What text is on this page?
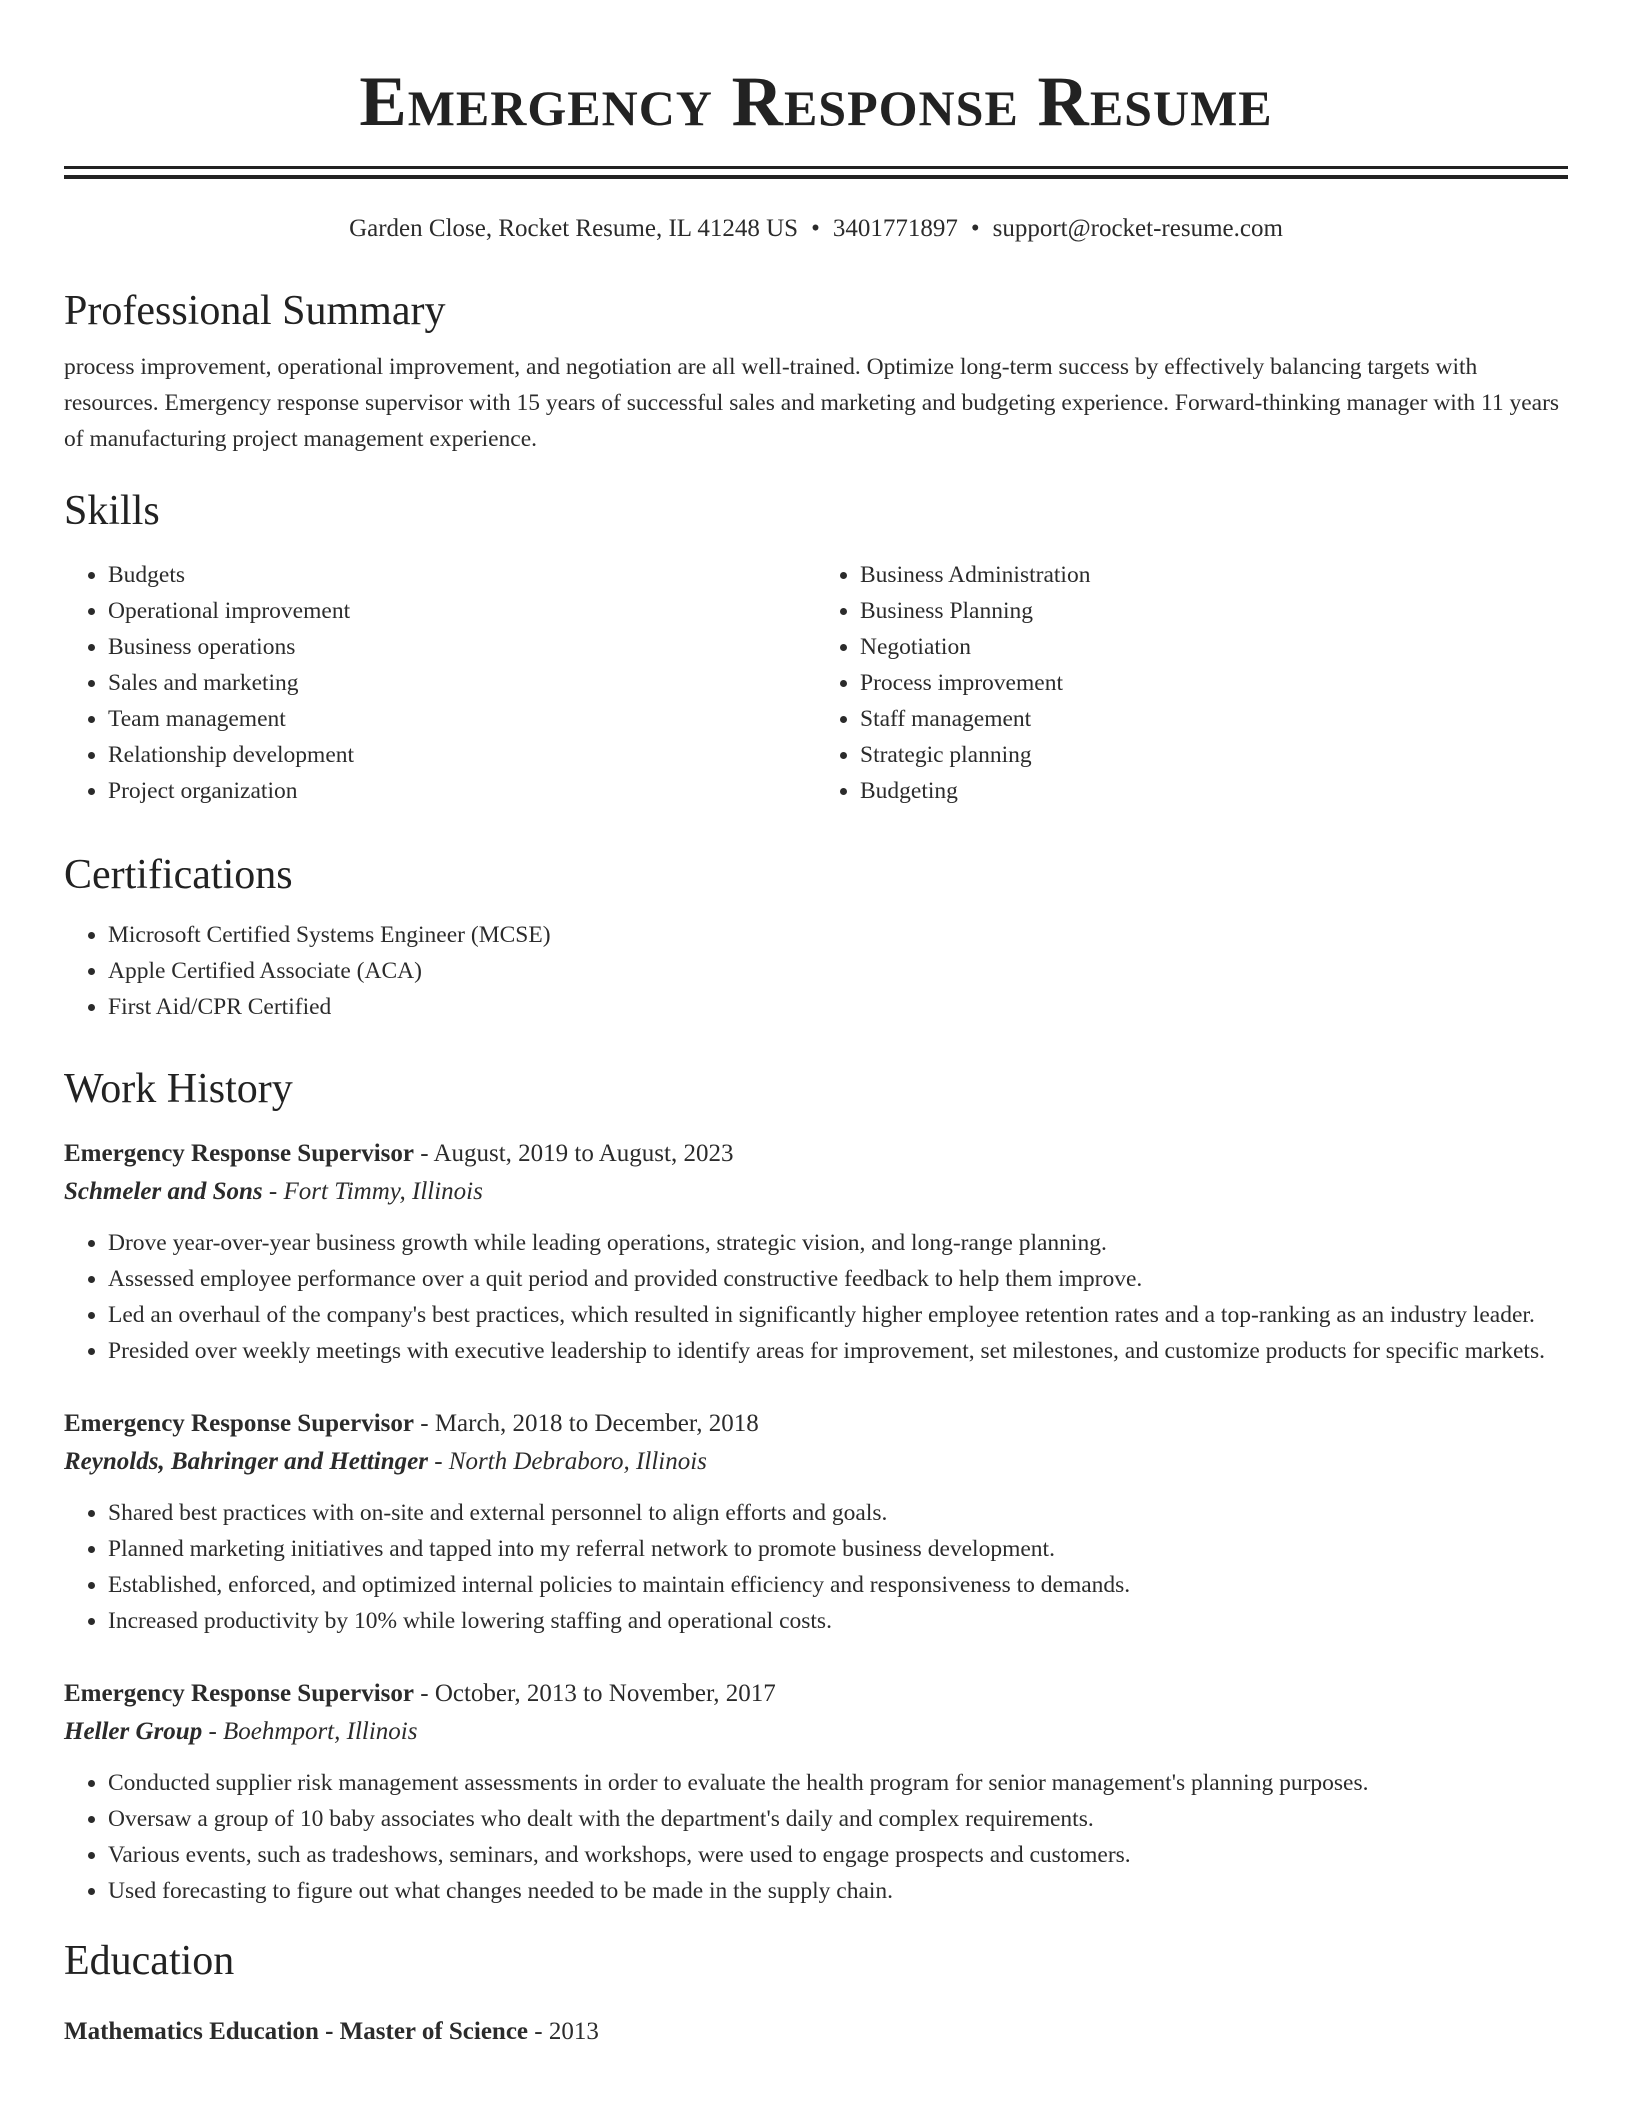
Emergency Response Resume
Garden Close, Rocket Resume, IL 41248 US • 3401771897 • support@rocket-resume.com
Professional Summary

process improvement, operational improvement, and negotiation are all well-trained. Optimize long-term success by effectively balancing targets with resources. Emergency response supervisor with 15 years of successful sales and marketing and budgeting experience. Forward-thinking manager with 11 years of manufacturing project management experience.

Skills
• Budgets
• Operational improvement
• Business operations
• Sales and marketing
• Team management
• Relationship development
• Project organization
• Business Administration
• Business Planning
• Negotiation
• Process improvement
• Staff management
• Strategic planning
• Budgeting
Certifications
• Microsoft Certified Systems Engineer (MCSE)
• Apple Certified Associate (ACA)
• First Aid/CPR Certified
Work History
Emergency Response Supervisor - August, 2019 to August, 2023
Schmeler and Sons - Fort Timmy, Illinois
• Drove year-over-year business growth while leading operations, strategic vision, and long-range planning.
• Assessed employee performance over a quit period and provided constructive feedback to help them improve.
• Led an overhaul of the company's best practices, which resulted in significantly higher employee retention rates and a top-ranking as an industry leader.
• Presided over weekly meetings with executive leadership to identify areas for improvement, set milestones, and customize products for specific markets.
Emergency Response Supervisor - March, 2018 to December, 2018
Reynolds, Bahringer and Hettinger - North Debraboro, Illinois
• Shared best practices with on-site and external personnel to align efforts and goals.
• Planned marketing initiatives and tapped into my referral network to promote business development.
• Established, enforced, and optimized internal policies to maintain efficiency and responsiveness to demands.
• Increased productivity by 10% while lowering staffing and operational costs.
Emergency Response Supervisor - October, 2013 to November, 2017
Heller Group - Boehmport, Illinois
• Conducted supplier risk management assessments in order to evaluate the health program for senior management's planning purposes.
• Oversaw a group of 10 baby associates who dealt with the department's daily and complex requirements.
• Various events, such as tradeshows, seminars, and workshops, were used to engage prospects and customers.
• Used forecasting to figure out what changes needed to be made in the supply chain.
Education
Mathematics Education - Master of Science - 2013
